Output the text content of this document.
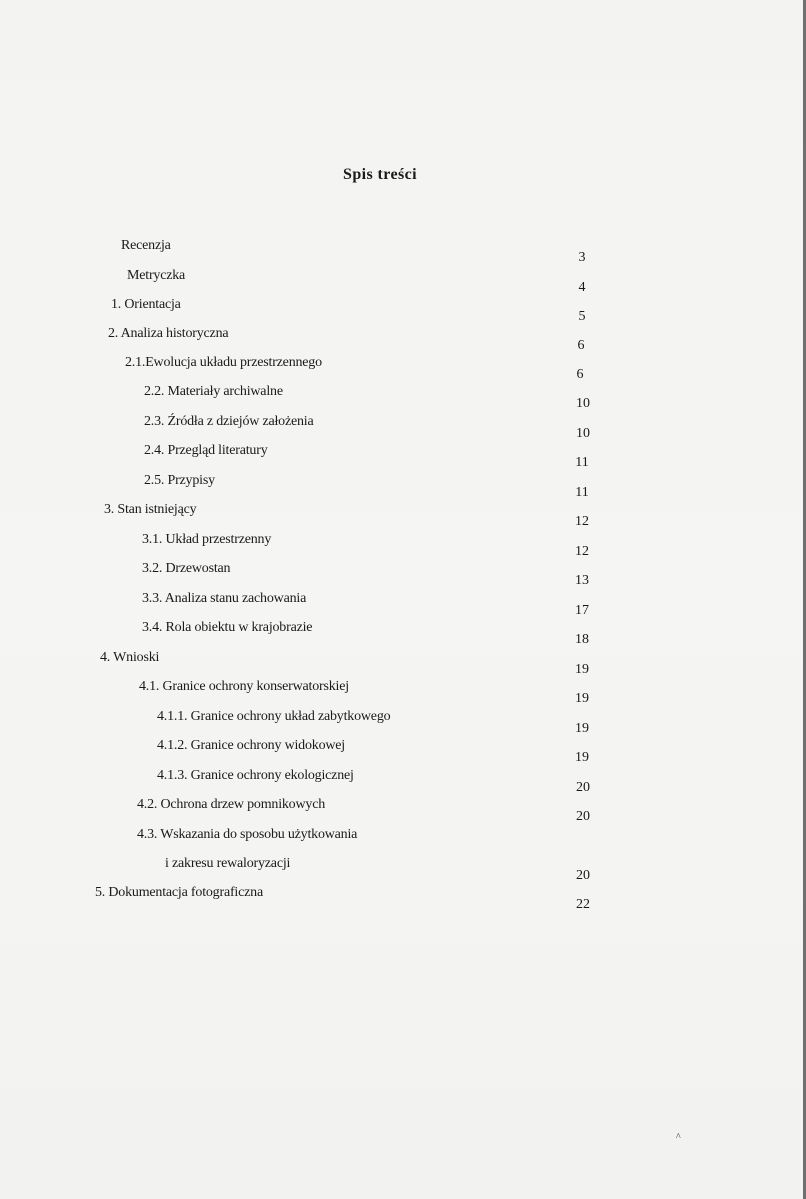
Spis treści
Recenzja
3
Metryczka
4
1. Orientacja
5
2. Analiza historyczna
6
2.1.Ewolucja układu przestrzennego
6
2.2. Materiały archiwalne
10
2.3. Źródła z dziejów założenia
10
2.4. Przegląd literatury
11
2.5. Przypisy
11
3. Stan istniejący
12
3.1. Układ przestrzenny
12
3.2. Drzewostan
13
3.3. Analiza stanu zachowania
17
3.4. Rola obiektu w krajobrazie
18
4. Wnioski
19
4.1. Granice ochrony konserwatorskiej
19
4.1.1. Granice ochrony układ zabytkowego
19
4.1.2. Granice ochrony widokowej
19
4.1.3. Granice ochrony ekologicznej
20
4.2. Ochrona drzew pomnikowych
20
4.3. Wskazania do sposobu użytkowania
i zakresu rewaloryzacji
20
5. Dokumentacja fotograficzna
22
^
